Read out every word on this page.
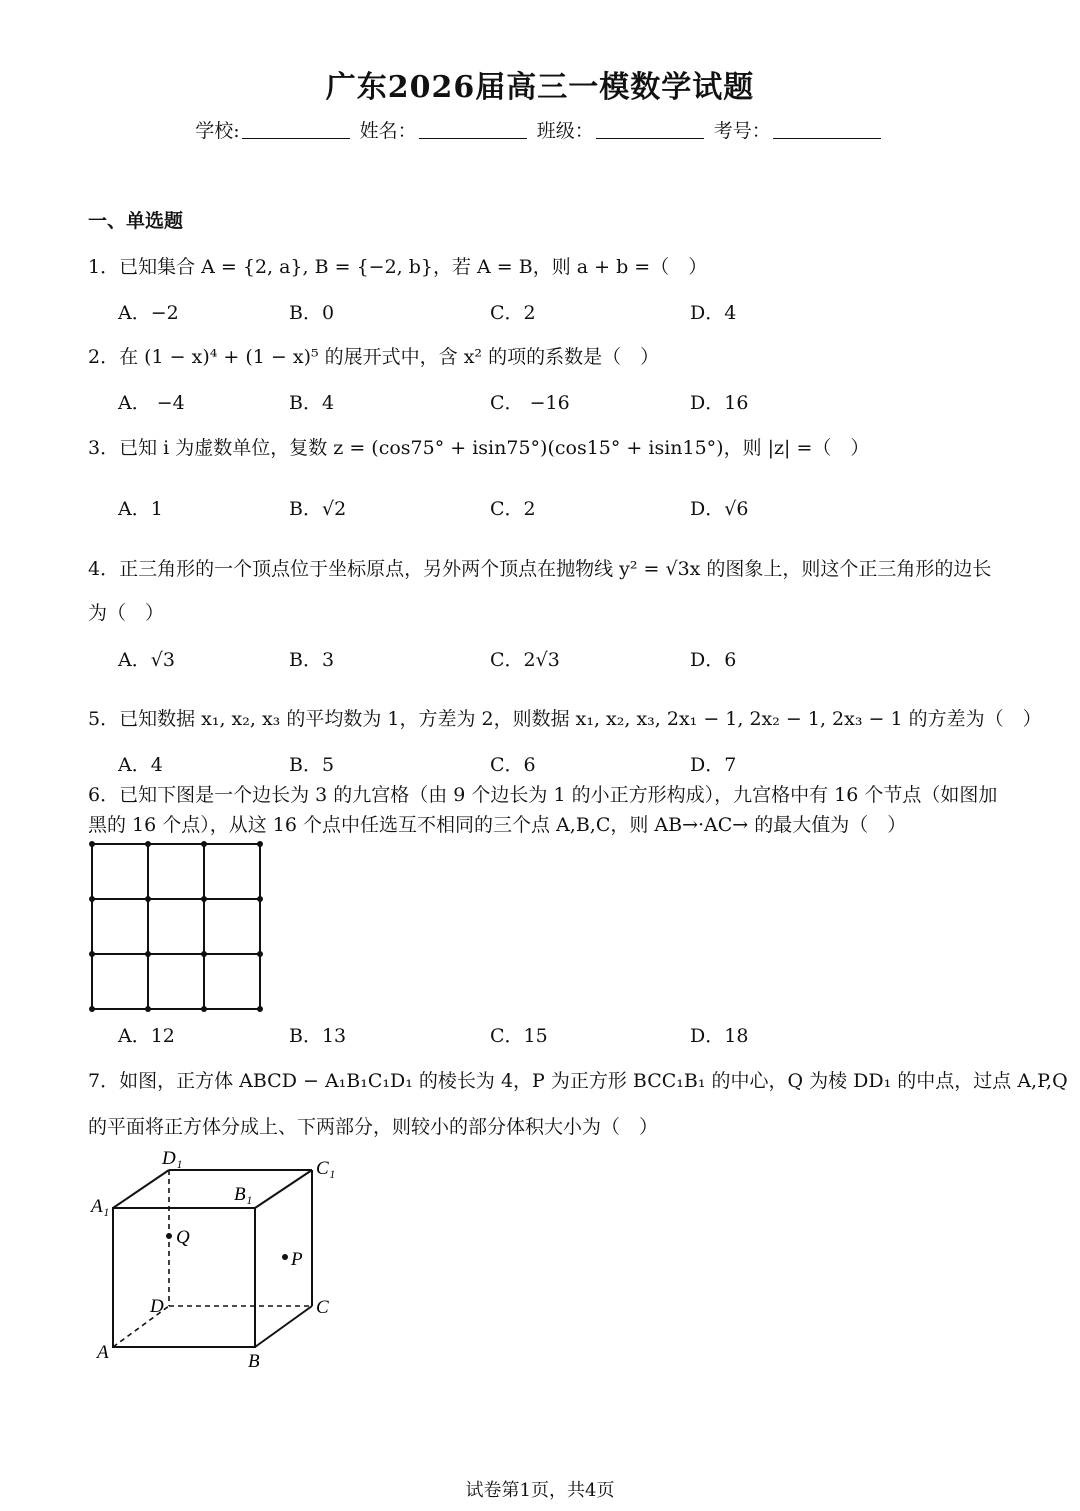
广东2026届高三一模数学试题
学校:	姓名：	班级：	考号：
一、单选题
1．已知集合 A = {2, a}, B = {−2, b}，若 A = B，则 a + b =（　）
A．−2	B．0	C．2	D．4
2．在 (1 − x)⁴ + (1 − x)⁵ 的展开式中，含 x² 的项的系数是（　）
A． −4	B．4	C． −16	D．16
3．已知 i 为虚数单位，复数 z = (cos75° + isin75°)(cos15° + isin15°)，则 |z| =（　）
A．1	B．√2	C．2	D．√6
4．正三角形的一个顶点位于坐标原点，另外两个顶点在抛物线 y² = √3x 的图象上，则这个正三角形的边长
为（　）
A．√3	B．3	C．2√3	D．6
5．已知数据 x₁, x₂, x₃ 的平均数为 1，方差为 2，则数据 x₁, x₂, x₃, 2x₁ − 1, 2x₂ − 1, 2x₃ − 1 的方差为（　）
A．4	B．5	C．6	D．7
6．已知下图是一个边长为 3 的九宫格（由 9 个边长为 1 的小正方形构成），九宫格中有 16 个节点（如图加
黑的 16 个点），从这 16 个点中任选互不相同的三个点 A,B,C，则 AB→·AC→ 的最大值为（　）
A．12	B．13	C．15	D．18
7．如图，正方体 ABCD − A₁B₁C₁D₁ 的棱长为 4，P 为正方形 BCC₁B₁ 的中心，Q 为棱 DD₁ 的中点，过点 A,P,Q
的平面将正方体分成上、下两部分，则较小的部分体积大小为（　）
D₁	C₁
A₁
B₁
Q
P
D	C
A	B
试卷第1页，共4页
